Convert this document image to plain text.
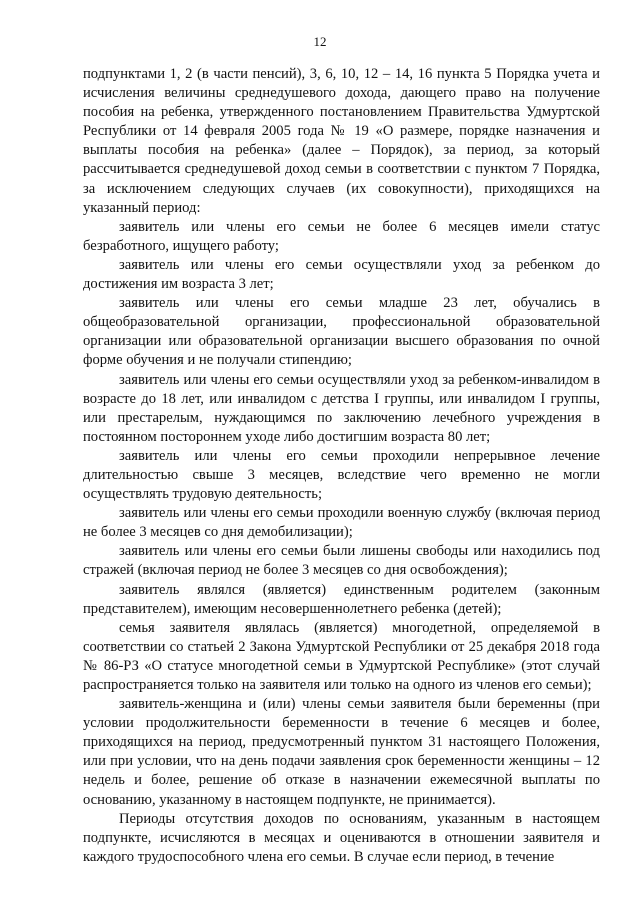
12

подпунктами 1, 2 (в части пенсий), 3, 6, 10, 12 – 14, 16 пункта 5 Порядка учета и исчисления величины среднедушевого дохода, дающего право на получение пособия на ребенка, утвержденного постановлением Правительства Удмуртской Республики от 14 февраля 2005 года № 19 «О размере, порядке назначения и выплаты пособия на ребенка» (далее – Порядок), за период, за который рассчитывается среднедушевой доход семьи в соответствии с пунктом 7 Порядка, за исключением следующих случаев (их совокупности), приходящихся на указанный период:

заявитель или члены его семьи не более 6 месяцев имели статус безработного, ищущего работу;

заявитель или члены его семьи осуществляли уход за ребенком до достижения им возраста 3 лет;

заявитель или члены его семьи младше 23 лет, обучались в общеобразовательной организации, профессиональной образовательной организации или образовательной организации высшего образования по очной форме обучения и не получали стипендию;

заявитель или члены его семьи осуществляли уход за ребенком-инвалидом в возрасте до 18 лет, или инвалидом с детства I группы, или инвалидом I группы, или престарелым, нуждающимся по заключению лечебного учреждения в постоянном постороннем уходе либо достигшим возраста 80 лет;

заявитель или члены его семьи проходили непрерывное лечение длительностью свыше 3 месяцев, вследствие чего временно не могли осуществлять трудовую деятельность;

заявитель или члены его семьи проходили военную службу (включая период не более 3 месяцев со дня демобилизации);

заявитель или члены его семьи были лишены свободы или находились под стражей (включая период не более 3 месяцев со дня освобождения);

заявитель являлся (является) единственным родителем (законным представителем), имеющим несовершеннолетнего ребенка (детей);

семья заявителя являлась (является) многодетной, определяемой в соответствии со статьей 2 Закона Удмуртской Республики от 25 декабря 2018 года № 86-РЗ «О статусе многодетной семьи в Удмуртской Республике» (этот случай распространяется только на заявителя или только на одного из членов его семьи);

заявитель-женщина и (или) члены семьи заявителя были беременны (при условии продолжительности беременности в течение 6 месяцев и более, приходящихся на период, предусмотренный пунктом 31 настоящего Положения, или при условии, что на день подачи заявления срок беременности женщины – 12 недель и более, решение об отказе в назначении ежемесячной выплаты по основанию, указанному в настоящем подпункте, не принимается).

Периоды отсутствия доходов по основаниям, указанным в настоящем подпункте, исчисляются в месяцах и оцениваются в отношении заявителя и каждого трудоспособного члена его семьи. В случае если период, в течение
